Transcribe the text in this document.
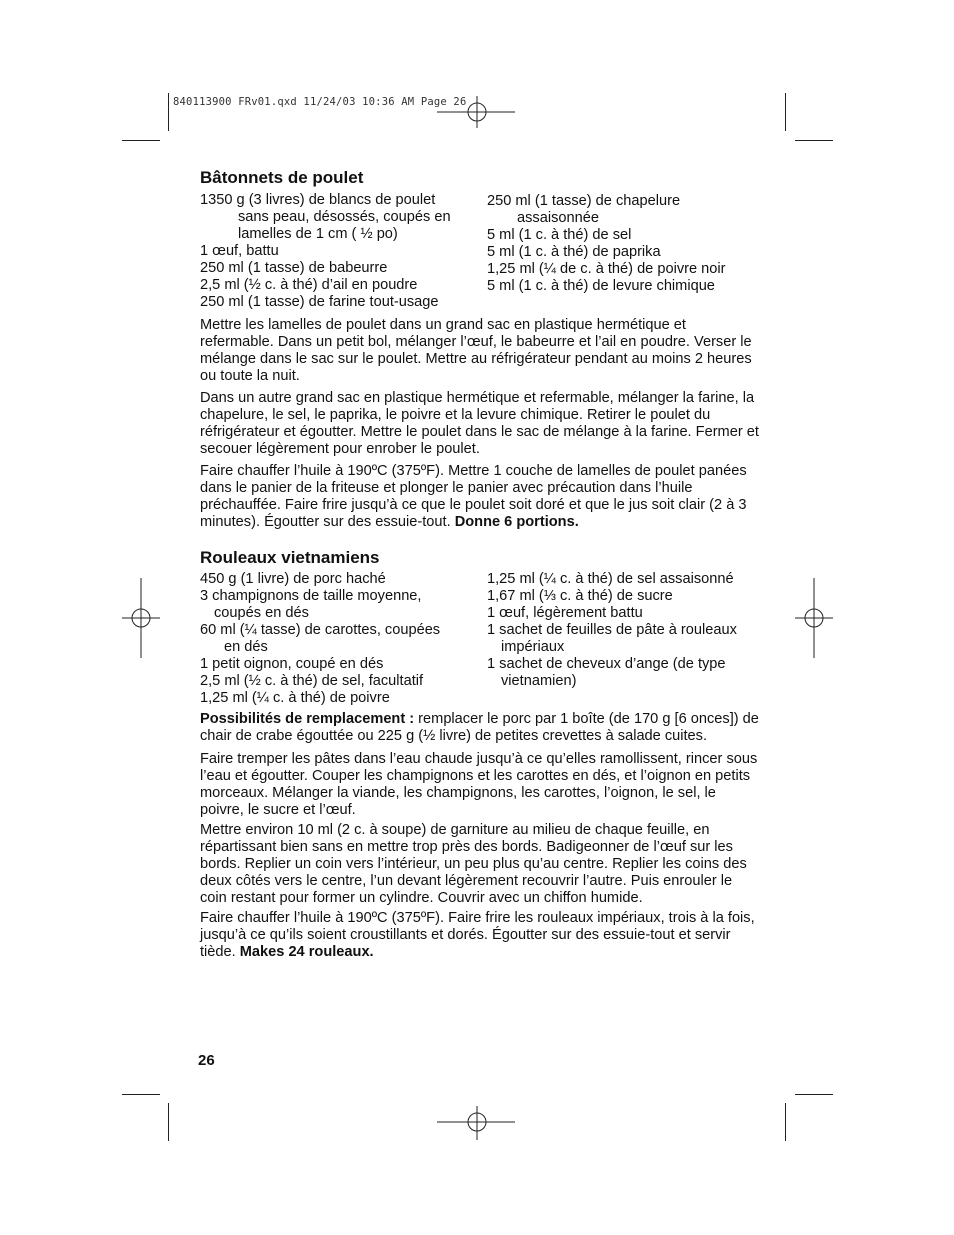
840113900 FRv01.qxd 11/24/03 10:36 AM Page 26
Bâtonnets de poulet

1350 g (3 livres) de blancs de poulet sans peau, désossés, coupés en lamelles de 1 cm ( ½ po)

1 œuf, battu

250 ml (1 tasse) de babeurre

2,5 ml (½ c. à thé) d’ail en poudre

250 ml (1 tasse) de farine tout-usage

250 ml (1 tasse) de chapelure assaisonnée

5 ml (1 c. à thé) de sel

5 ml (1 c. à thé) de paprika

1,25 ml (¼ de c. à thé) de poivre noir

5 ml (1 c. à thé) de levure chimique

Mettre les lamelles de poulet dans un grand sac en plastique hermétique et refermable. Dans un petit bol, mélanger l’œuf, le babeurre et l’ail en poudre. Verser le mélange dans le sac sur le poulet. Mettre au réfrigérateur pendant au moins 2 heures ou toute la nuit.

Dans un autre grand sac en plastique hermétique et refermable, mélanger la farine, la chapelure, le sel, le paprika, le poivre et la levure chimique. Retirer le poulet du réfrigérateur et égoutter. Mettre le poulet dans le sac de mélange à la farine. Fermer et secouer légèrement pour enrober le poulet.

Faire chauffer l’huile à 190ºC (375ºF). Mettre 1 couche de lamelles de poulet panées dans le panier de la friteuse et plonger le panier avec précaution dans l’huile préchauffée. Faire frire jusqu’à ce que le poulet soit doré et que le jus soit clair (2 à 3 minutes). Égoutter sur des essuie-tout. Donne 6 portions.

Rouleaux vietnamiens

450 g (1 livre) de porc haché

3 champignons de taille moyenne, coupés en dés

60 ml (¼ tasse) de carottes, coupées en dés

1 petit oignon, coupé en dés

2,5 ml (½ c. à thé) de sel, facultatif

1,25 ml (¼ c. à thé) de poivre

1,25 ml (¼ c. à thé) de sel assaisonné

1,67 ml (⅓ c. à thé) de sucre

1 œuf, légèrement battu

1 sachet de feuilles de pâte à rouleaux impériaux

1 sachet de cheveux d’ange (de type vietnamien)

Possibilités de remplacement : remplacer le porc par 1 boîte (de 170 g [6 onces]) de chair de crabe égouttée ou 225 g (½ livre) de petites crevettes à salade cuites.

Faire tremper les pâtes dans l’eau chaude jusqu’à ce qu’elles ramollissent, rincer sous l’eau et égoutter. Couper les champignons et les carottes en dés, et l’oignon en petits morceaux. Mélanger la viande, les champignons, les carottes, l’oignon, le sel, le poivre, le sucre et l’œuf.

Mettre environ 10 ml (2 c. à soupe) de garniture au milieu de chaque feuille, en répartissant bien sans en mettre trop près des bords. Badigeonner de l’œuf sur les bords. Replier un coin vers l’intérieur, un peu plus qu’au centre. Replier les coins des deux côtés vers le centre, l’un devant légèrement recouvrir l’autre. Puis enrouler le coin restant pour former un cylindre. Couvrir avec un chiffon humide.

Faire chauffer l’huile à 190ºC (375ºF). Faire frire les rouleaux impériaux, trois à la fois, jusqu’à ce qu’ils soient croustillants et dorés. Égoutter sur des essuie-tout et servir tiède. Makes 24 rouleaux.

26
